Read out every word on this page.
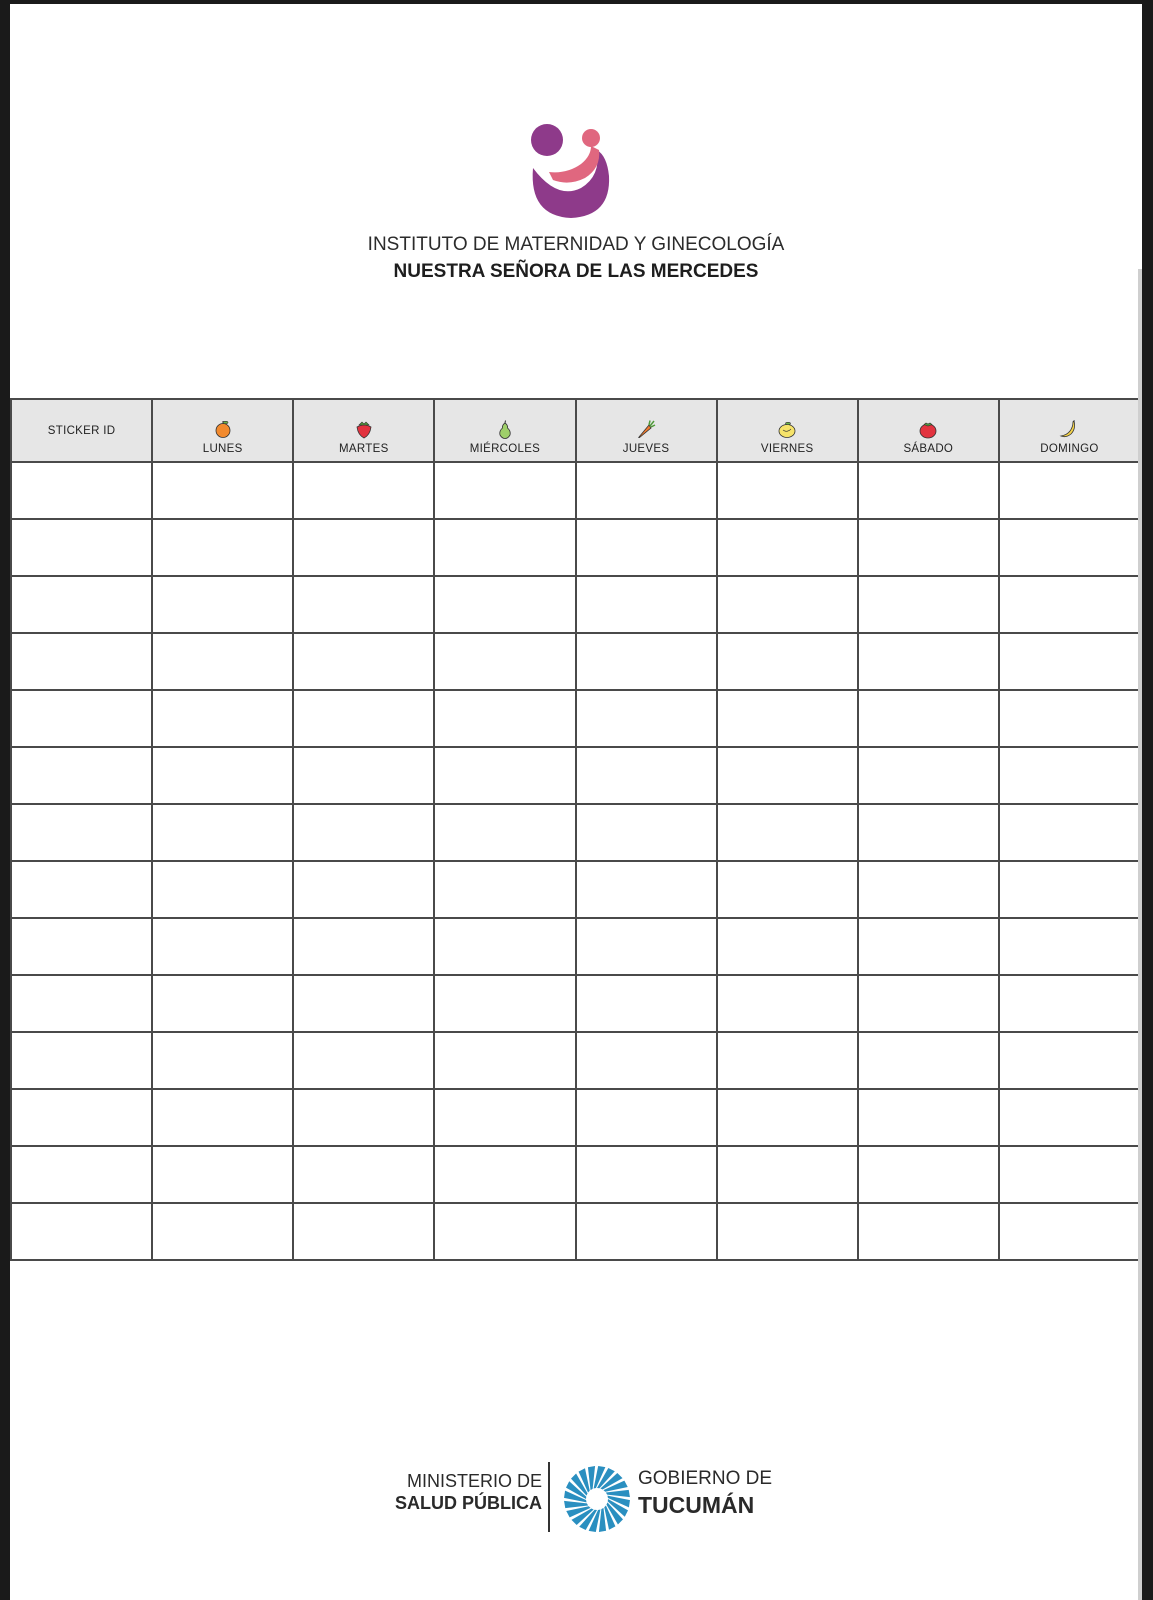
INSTITUTO DE MATERNIDAD Y GINECOLOGÍA
NUESTRA SEÑORA DE LAS MERCEDES
STICKER ID	LUNES	MARTES	MIÉRCOLES	JUEVES	VIERNES	SÁBADO	DOMINGO

MINISTERIO DE
SALUD PÚBLICA
GOBIERNO DE
TUCUMÁN
